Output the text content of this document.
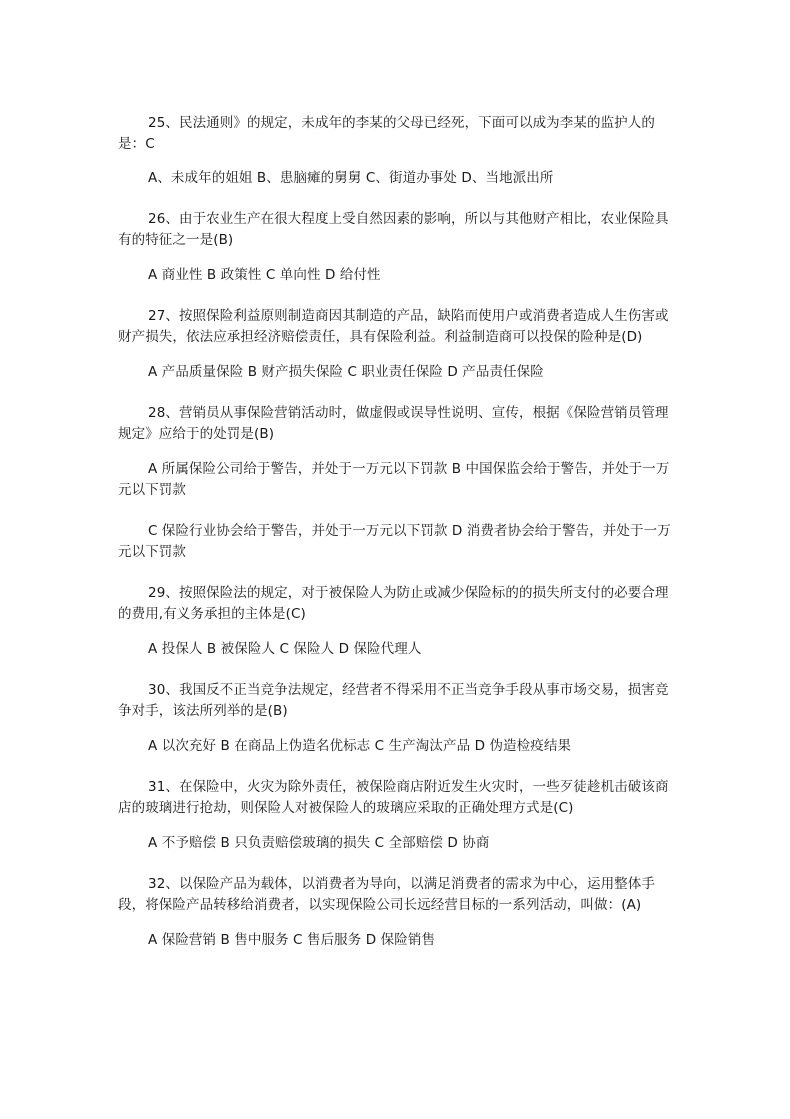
25、民法通则》的规定，未成年的李某的父母已经死，下面可以成为李某的监护人的是：C

A、未成年的姐姐 B、患脑瘫的舅舅 C、街道办事处 D、当地派出所

26、由于农业生产在很大程度上受自然因素的影响，所以与其他财产相比，农业保险具有的特征之一是(B)

A 商业性 B 政策性 C 单向性 D 给付性

27、按照保险利益原则制造商因其制造的产品，缺陷而使用户或消费者造成人生伤害或财产损失，依法应承担经济赔偿责任，具有保险利益。利益制造商可以投保的险种是(D)

A 产品质量保险 B 财产损失保险 C 职业责任保险 D 产品责任保险

28、营销员从事保险营销活动时，做虚假或误导性说明、宣传，根据《保险营销员管理规定》应给于的处罚是(B)

A 所属保险公司给于警告，并处于一万元以下罚款 B 中国保监会给于警告，并处于一万元以下罚款

C 保险行业协会给于警告，并处于一万元以下罚款 D 消费者协会给于警告，并处于一万元以下罚款

29、按照保险法的规定，对于被保险人为防止或减少保险标的的损失所支付的必要合理的费用,有义务承担的主体是(C)

A 投保人 B 被保险人 C 保险人 D 保险代理人

30、我国反不正当竞争法规定，经营者不得采用不正当竞争手段从事市场交易，损害竞争对手，该法所列举的是(B)

A 以次充好 B 在商品上伪造名优标志 C 生产淘汰产品 D 伪造检疫结果

31、在保险中，火灾为除外责任，被保险商店附近发生火灾时，一些歹徒趁机击破该商店的玻璃进行抢劫，则保险人对被保险人的玻璃应采取的正确处理方式是(C)

A 不予赔偿 B 只负责赔偿玻璃的损失 C 全部赔偿 D 协商

32、以保险产品为载体，以消费者为导向，以满足消费者的需求为中心，运用整体手段，将保险产品转移给消费者，以实现保险公司长远经营目标的一系列活动，叫做：(A)

A 保险营销 B 售中服务 C 售后服务 D 保险销售
